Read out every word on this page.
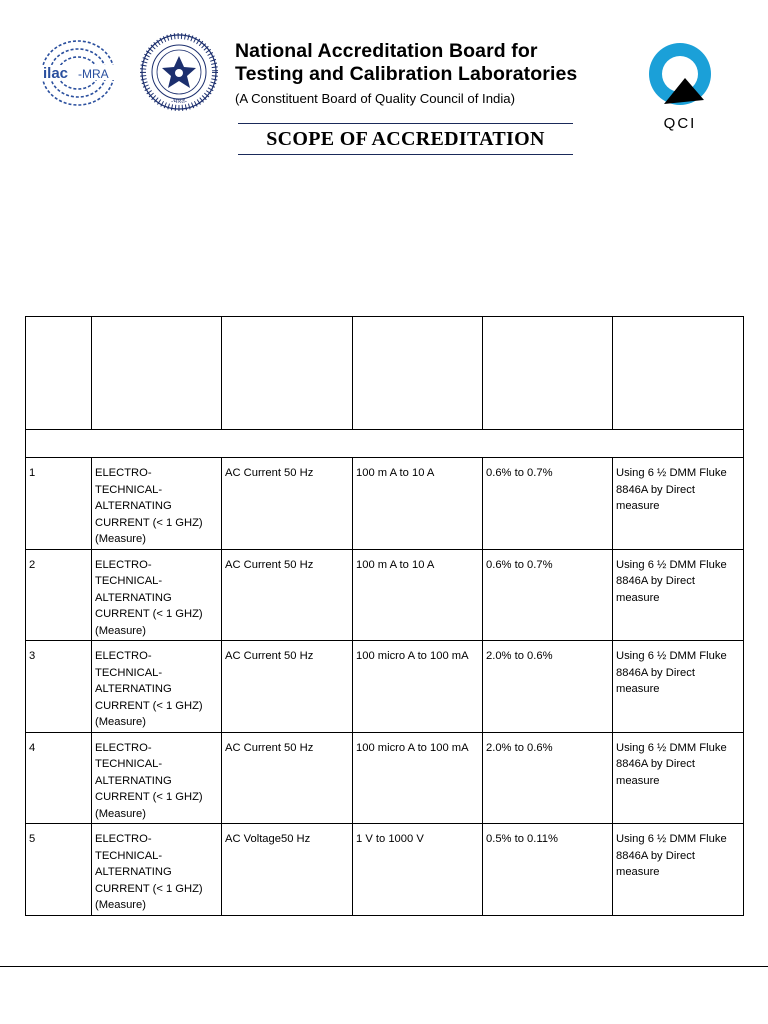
ilac -MRA
-भारत-
National Accreditation Board for
Testing and Calibration Laboratories
(A Constituent Board of Quality Council of India)
QCI
SCOPE OF ACCREDITATION

1	ELECTRO-TECHNICAL-ALTERNATING CURRENT (< 1 GHZ) (Measure)	AC Current 50 Hz	100 m A to 10 A	0.6% to 0.7%	Using 6 ½ DMM Fluke 8846A by Direct measure
2	ELECTRO-TECHNICAL-ALTERNATING CURRENT (< 1 GHZ) (Measure)	AC Current 50 Hz	100 m A to 10 A	0.6% to 0.7%	Using 6 ½ DMM Fluke 8846A by Direct measure
3	ELECTRO-TECHNICAL-ALTERNATING CURRENT (< 1 GHZ) (Measure)	AC Current 50 Hz	100 micro A to 100 mA	2.0% to 0.6%	Using 6 ½ DMM Fluke 8846A by Direct measure
4	ELECTRO-TECHNICAL-ALTERNATING CURRENT (< 1 GHZ) (Measure)	AC Current 50 Hz	100 micro A to 100 mA	2.0% to 0.6%	Using 6 ½ DMM Fluke 8846A by Direct measure
5	ELECTRO-TECHNICAL-ALTERNATING CURRENT (< 1 GHZ) (Measure)	AC Voltage50 Hz	1 V to 1000 V	0.5% to 0.11%	Using 6 ½ DMM Fluke 8846A by Direct measure
